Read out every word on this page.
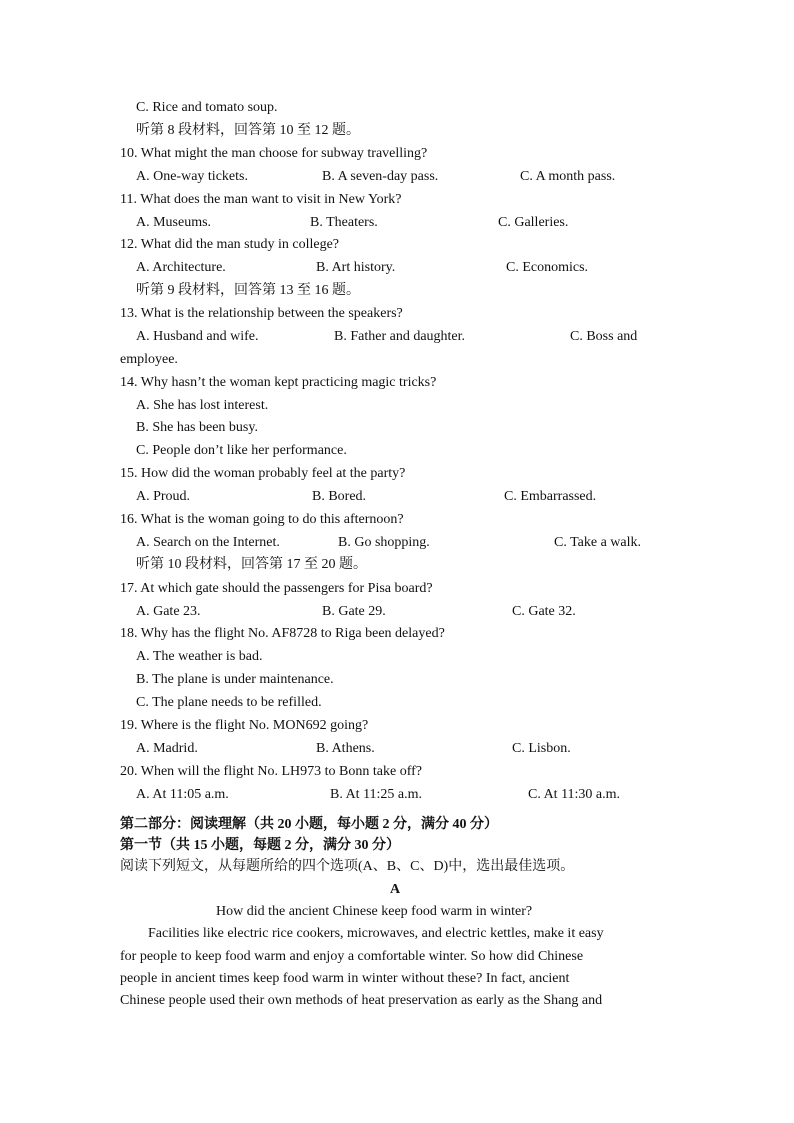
C. Rice and tomato soup.
听第 8 段材料，回答第 10 至 12 题。
10. What might the man choose for subway travelling?
A. One-way tickets.	B. A seven-day pass.	C. A month pass.
11. What does the man want to visit in New York?
A. Museums.	B. Theaters.	C. Galleries.
12. What did the man study in college?
A. Architecture.	B. Art history.	C. Economics.
听第 9 段材料，回答第 13 至 16 题。
13. What is the relationship between the speakers?
A. Husband and wife.	B. Father and daughter.	C. Boss and
employee.
14. Why hasn’t the woman kept practicing magic tricks?
A. She has lost interest.
B. She has been busy.
C. People don’t like her performance.
15. How did the woman probably feel at the party?
A. Proud.	B. Bored.	C. Embarrassed.
16. What is the woman going to do this afternoon?
A. Search on the Internet.	B. Go shopping.	C. Take a walk.
听第 10 段材料，回答第 17 至 20 题。
17. At which gate should the passengers for Pisa board?
A. Gate 23.	B. Gate 29.	C. Gate 32.
18. Why has the flight No. AF8728 to Riga been delayed?
A. The weather is bad.
B. The plane is under maintenance.
C. The plane needs to be refilled.
19. Where is the flight No. MON692 going?
A. Madrid.	B. Athens.	C. Lisbon.
20. When will the flight No. LH973 to Bonn take off?
A. At 11:05 a.m.	B. At 11:25 a.m.	C. At 11:30 a.m.
第二部分：阅读理解（共 20 小题，每小题 2 分，满分 40 分）
第一节（共 15 小题，每题 2 分，满分 30 分）
阅读下列短文，从每题所给的四个选项(A、B、C、D)中，选出最佳选项。
A
How did the ancient Chinese keep food warm in winter?
Facilities like electric rice cookers, microwaves, and electric kettles, make it easy
for people to keep food warm and enjoy a comfortable winter. So how did Chinese
people in ancient times keep food warm in winter without these? In fact, ancient
Chinese people used their own methods of heat preservation as early as the Shang and
